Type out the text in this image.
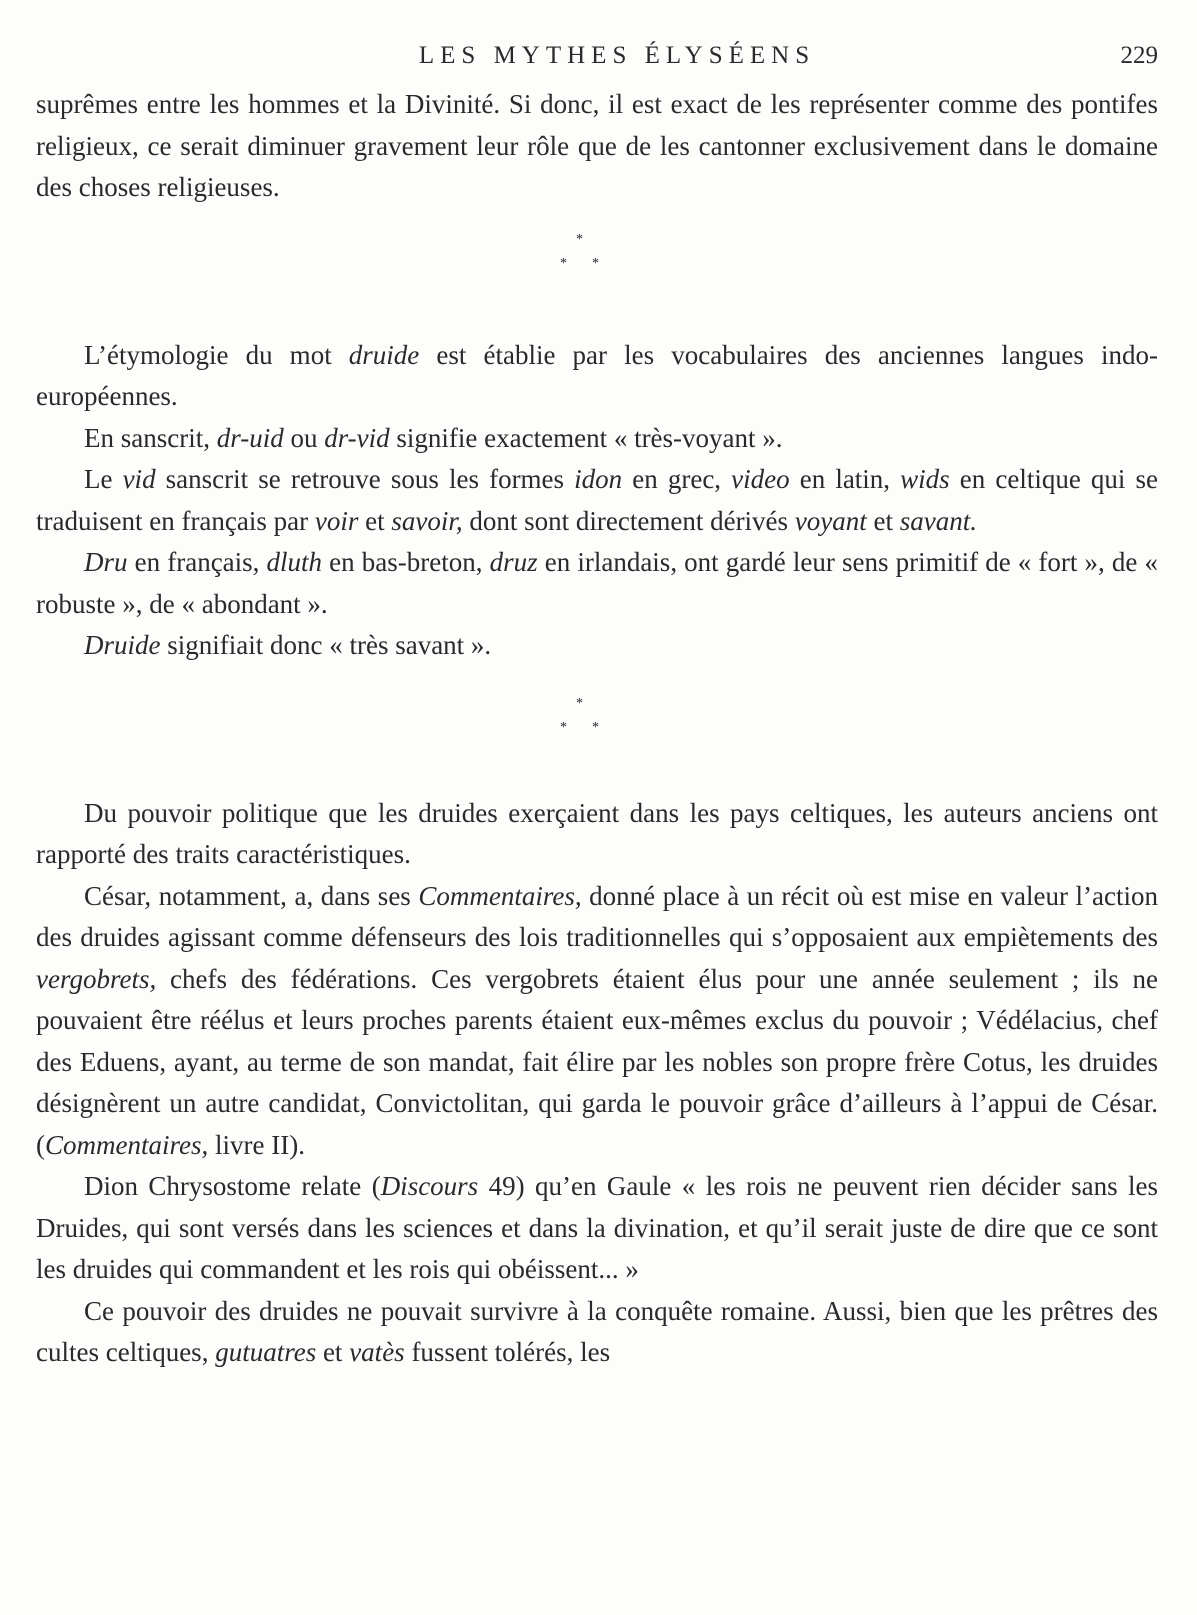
LES MYTHES ÉLYSÉENS	229

suprêmes entre les hommes et la Divinité. Si donc, il est exact de les représenter comme des pontifes religieux, ce serait diminuer gravement leur rôle que de les cantonner exclusivement dans le domaine des choses religieuses.

*
* *

L’étymologie du mot druide est établie par les vocabulaires des anciennes langues indo-européennes.

En sanscrit, dr-uid ou dr-vid signifie exactement « très-voyant ».

Le vid sanscrit se retrouve sous les formes idon en grec, video en latin, wids en celtique qui se traduisent en français par voir et savoir, dont sont directement dérivés voyant et savant.

Dru en français, dluth en bas-breton, druz en irlandais, ont gardé leur sens primitif de « fort », de « robuste », de « abondant ».

Druide signifiait donc « très savant ».

*
* *

Du pouvoir politique que les druides exerçaient dans les pays celtiques, les auteurs anciens ont rapporté des traits caractéristiques.

César, notamment, a, dans ses Commentaires, donné place à un récit où est mise en valeur l’action des druides agissant comme défenseurs des lois traditionnelles qui s’opposaient aux empiètements des vergobrets, chefs des fédérations. Ces vergobrets étaient élus pour une année seulement ; ils ne pouvaient être réélus et leurs proches parents étaient eux-mêmes exclus du pouvoir ; Védélacius, chef des Eduens, ayant, au terme de son mandat, fait élire par les nobles son propre frère Cotus, les druides désignèrent un autre candidat, Convictolitan, qui garda le pouvoir grâce d’ailleurs à l’appui de César. (Commentaires, livre II).

Dion Chrysostome relate (Discours 49) qu’en Gaule « les rois ne peuvent rien décider sans les Druides, qui sont versés dans les sciences et dans la divination, et qu’il serait juste de dire que ce sont les druides qui commandent et les rois qui obéissent... »

Ce pouvoir des druides ne pouvait survivre à la conquête romaine. Aussi, bien que les prêtres des cultes celtiques, gutuatres et vatès fussent tolérés, les
